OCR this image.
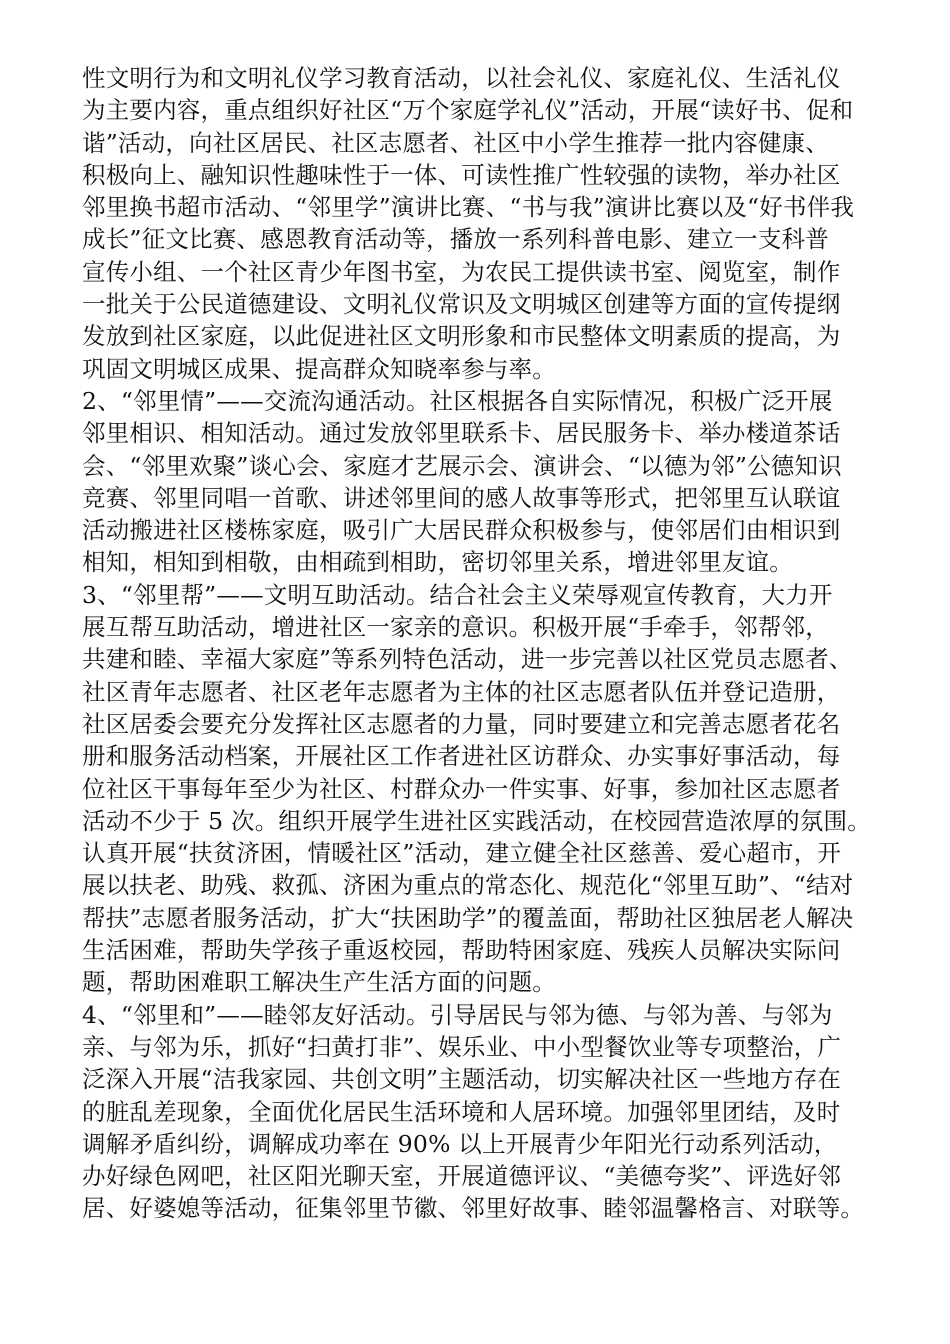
性文明行为和文明礼仪学习教育活动，以社会礼仪、家庭礼仪、生活礼仪
为主要内容，重点组织好社区“万个家庭学礼仪”活动，开展“读好书、促和
谐”活动，向社区居民、社区志愿者、社区中小学生推荐一批内容健康、
积极向上、融知识性趣味性于一体、可读性推广性较强的读物，举办社区
邻里换书超市活动、“邻里学”演讲比赛、“书与我”演讲比赛以及“好书伴我
成长”征文比赛、感恩教育活动等，播放一系列科普电影、建立一支科普
宣传小组、一个社区青少年图书室，为农民工提供读书室、阅览室，制作
一批关于公民道德建设、文明礼仪常识及文明城区创建等方面的宣传提纲
发放到社区家庭，以此促进社区文明形象和市民整体文明素质的提高，为
巩固文明城区成果、提高群众知晓率参与率。
2、“邻里情”——交流沟通活动。社区根据各自实际情况，积极广泛开展
邻里相识、相知活动。通过发放邻里联系卡、居民服务卡、举办楼道茶话
会、“邻里欢聚”谈心会、家庭才艺展示会、演讲会、“以德为邻”公德知识
竞赛、邻里同唱一首歌、讲述邻里间的感人故事等形式，把邻里互认联谊
活动搬进社区楼栋家庭，吸引广大居民群众积极参与，使邻居们由相识到
相知，相知到相敬，由相疏到相助，密切邻里关系，增进邻里友谊。
3、“邻里帮”——文明互助活动。结合社会主义荣辱观宣传教育，大力开
展互帮互助活动，增进社区一家亲的意识。积极开展“手牵手，邻帮邻，
共建和睦、幸福大家庭”等系列特色活动，进一步完善以社区党员志愿者、
社区青年志愿者、社区老年志愿者为主体的社区志愿者队伍并登记造册，
社区居委会要充分发挥社区志愿者的力量，同时要建立和完善志愿者花名
册和服务活动档案，开展社区工作者进社区访群众、办实事好事活动，每
位社区干事每年至少为社区、村群众办一件实事、好事，参加社区志愿者
活动不少于 5 次。组织开展学生进社区实践活动，在校园营造浓厚的氛围。
认真开展“扶贫济困，情暖社区”活动，建立健全社区慈善、爱心超市，开
展以扶老、助残、救孤、济困为重点的常态化、规范化“邻里互助”、“结对
帮扶”志愿者服务活动，扩大“扶困助学”的覆盖面，帮助社区独居老人解决
生活困难，帮助失学孩子重返校园，帮助特困家庭、残疾人员解决实际问
题，帮助困难职工解决生产生活方面的问题。
4、“邻里和”——睦邻友好活动。引导居民与邻为德、与邻为善、与邻为
亲、与邻为乐，抓好“扫黄打非”、娱乐业、中小型餐饮业等专项整治，广
泛深入开展“洁我家园、共创文明”主题活动，切实解决社区一些地方存在
的脏乱差现象，全面优化居民生活环境和人居环境。加强邻里团结，及时
调解矛盾纠纷，调解成功率在 90% 以上开展青少年阳光行动系列活动，
办好绿色网吧，社区阳光聊天室，开展道德评议、“美德夸奖”、评选好邻
居、好婆媳等活动，征集邻里节徽、邻里好故事、睦邻温馨格言、对联等。
